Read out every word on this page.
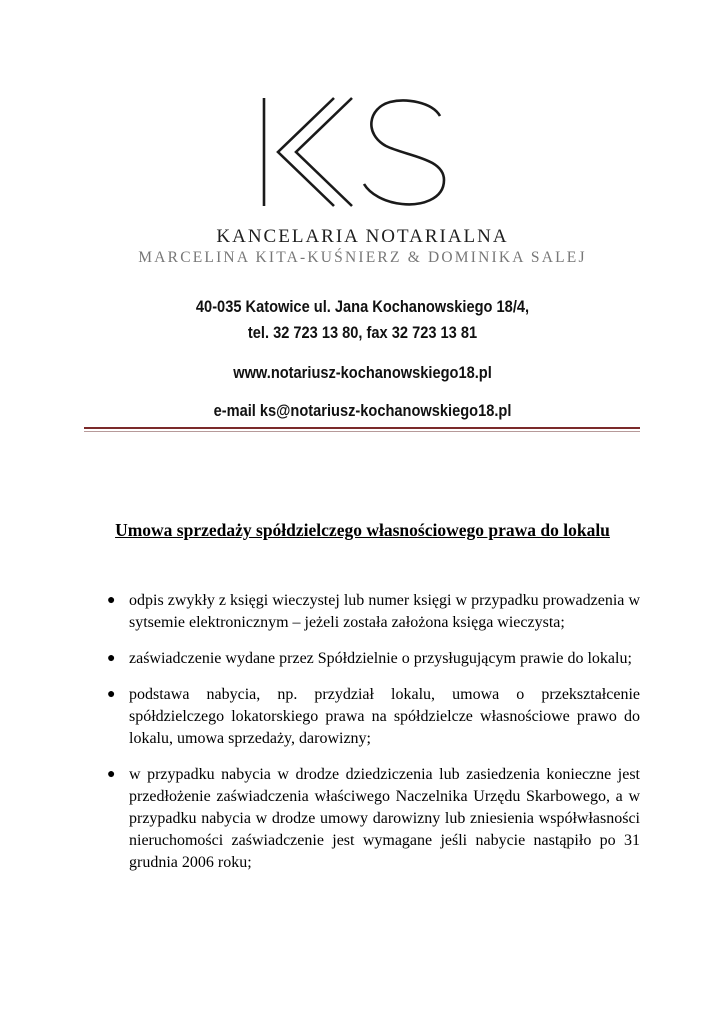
KANCELARIA NOTARIALNA
MARCELINA KITA-KUŚNIERZ & DOMINIKA SALEJ
40-035 Katowice ul. Jana Kochanowskiego 18/4,
tel. 32 723 13 80, fax 32 723 13 81
www.notariusz-kochanowskiego18.pl
e-mail ks@notariusz-kochanowskiego18.pl
Umowa sprzedaży spółdzielczego własnościowego prawa do lokalu
● odpis zwykły z księgi wieczystej lub numer księgi w przypadku prowadzenia w sytsemie elektronicznym – jeżeli została założona księga wieczysta;
● zaświadczenie wydane przez Spółdzielnie o przysługującym prawie do lokalu;
● podstawa nabycia, np. przydział lokalu, umowa o przekształcenie spółdzielczego lokatorskiego prawa na spółdzielcze własnościowe prawo do lokalu, umowa sprzedaży, darowizny;
● w przypadku nabycia w drodze dziedziczenia lub zasiedzenia konieczne jest przedłożenie zaświadczenia właściwego Naczelnika Urzędu Skarbowego, a w przypadku nabycia w drodze umowy darowizny lub zniesienia współwłasności nieruchomości zaświadczenie jest wymagane jeśli nabycie nastąpiło po 31 grudnia 2006 roku;
